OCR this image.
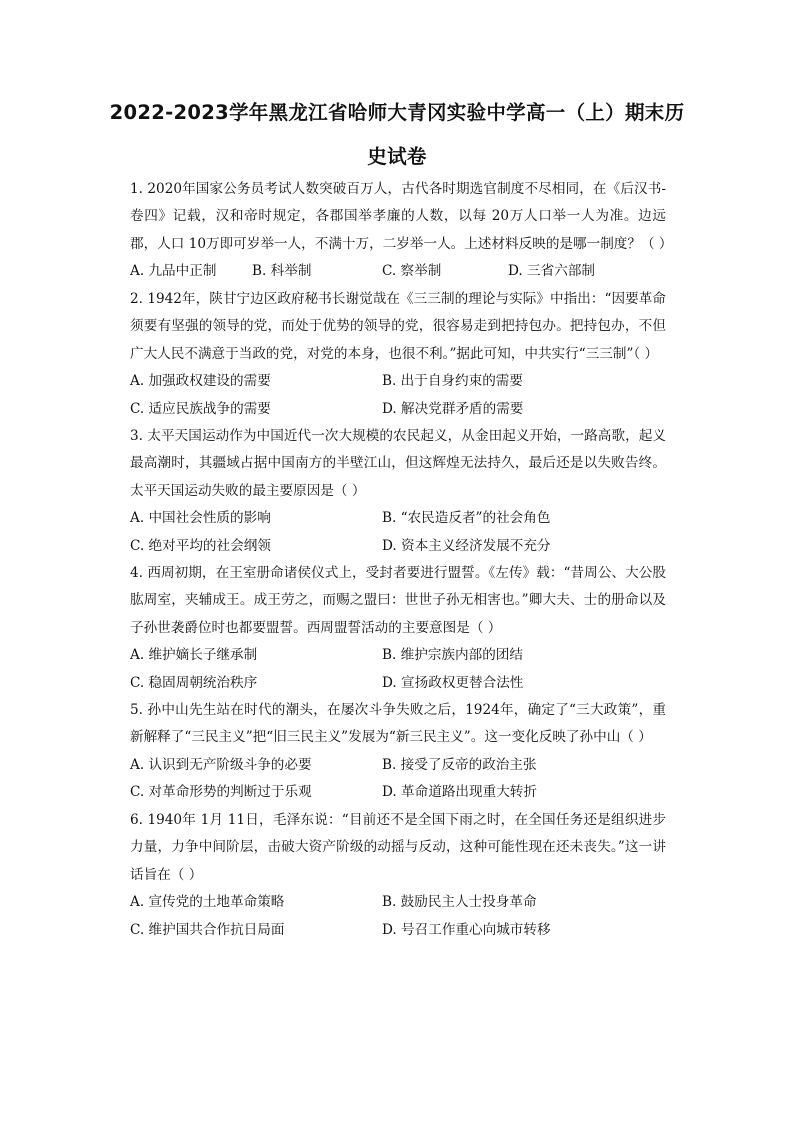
2022-2023学年黑龙江省哈师大青冈实验中学高一（上）期末历
史试卷

1. 2020年国家公务员考试人数突破百万人，古代各时期选官制度不尽相同，在《后汉书-卷四》记载，汉和帝时规定，各郡国举孝廉的人数，以每 20万人口举一人为准。边远郡，人口 10万即可岁举一人，不满十万，二岁举一人。上述材料反映的是哪一制度？（ ）

A. 九品中正制	B. 科举制	C. 察举制	D. 三省六部制

2. 1942年，陕甘宁边区政府秘书长谢觉哉在《三三制的理论与实际》中指出：“因要革命须要有坚强的领导的党，而处于优势的领导的党，很容易走到把持包办。把持包办，不但广大人民不满意于当政的党，对党的本身，也很不利。”据此可知，中共实行“三三制”（ ）

A. 加强政权建设的需要	B. 出于自身约束的需要
C. 适应民族战争的需要	D. 解决党群矛盾的需要

3. 太平天国运动作为中国近代一次大规模的农民起义，从金田起义开始，一路高歌，起义最高潮时，其疆域占据中国南方的半壁江山，但这辉煌无法持久，最后还是以失败告终。太平天国运动失败的最主要原因是（ ）

A. 中国社会性质的影响	B. “农民造反者”的社会角色
C. 绝对平均的社会纲领	D. 资本主义经济发展不充分

4. 西周初期，在王室册命诸侯仪式上，受封者要进行盟誓。《左传》载：“昔周公、大公股肱周室，夹辅成王。成王劳之，而赐之盟曰：世世子孙无相害也。”卿大夫、士的册命以及子孙世袭爵位时也都要盟誓。西周盟誓活动的主要意图是（ ）

A. 维护嫡长子继承制	B. 维护宗族内部的团结
C. 稳固周朝统治秩序	D. 宣扬政权更替合法性

5. 孙中山先生站在时代的潮头，在屡次斗争失败之后，1924年，确定了“三大政策”，重新解释了“三民主义”把“旧三民主义”发展为“新三民主义”。这一变化反映了孙中山（ ）

A. 认识到无产阶级斗争的必要	B. 接受了反帝的政治主张
C. 对革命形势的判断过于乐观	D. 革命道路出现重大转折

6. 1940年 1月 11日，毛泽东说：“目前还不是全国下雨之时，在全国任务还是组织进步力量，力争中间阶层，击破大资产阶级的动摇与反动，这种可能性现在还未丧失。”这一讲话旨在（ ）

A. 宣传党的土地革命策略	B. 鼓励民主人士投身革命
C. 维护国共合作抗日局面	D. 号召工作重心向城市转移
